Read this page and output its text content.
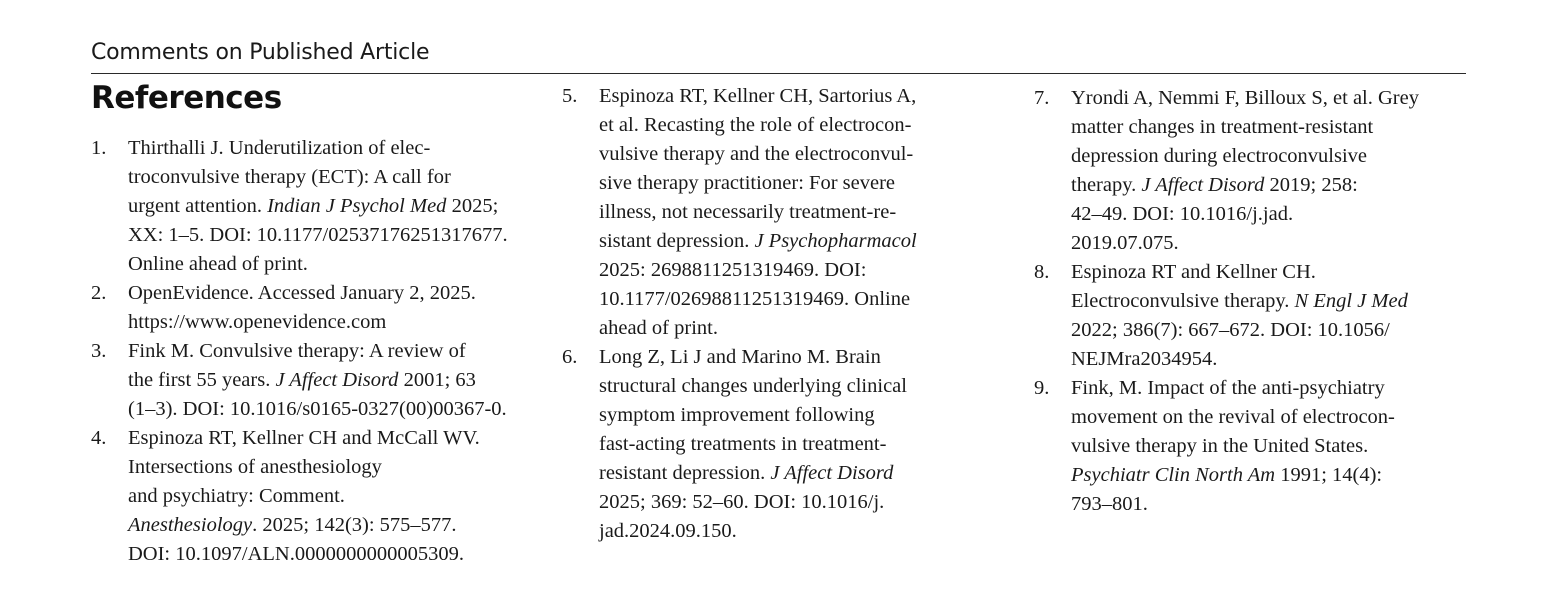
Comments on Published Article
References
1. Thirthalli J. Underutilization of elec-
troconvulsive therapy (ECT): A call for
urgent attention. Indian J Psychol Med 2025;
XX: 1–5. DOI: 10.1177/02537176251317677.
Online ahead of print.
2. OpenEvidence. Accessed January 2, 2025.
https://www.openevidence.com
3. Fink M. Convulsive therapy: A review of
the first 55 years. J Affect Disord 2001; 63
(1–3). DOI: 10.1016/s0165-0327(00)00367-0.
4. Espinoza RT, Kellner CH and McCall WV.
Intersections of anesthesiology
and psychiatry: Comment.
Anesthesiology. 2025; 142(3): 575–577.
DOI: 10.1097/ALN.0000000000005309.
5. Espinoza RT, Kellner CH, Sartorius A,
et al. Recasting the role of electrocon-
vulsive therapy and the electroconvul-
sive therapy practitioner: For severe
illness, not necessarily treatment-re-
sistant depression. J Psychopharmacol
2025: 2698811251319469. DOI:
10.1177/02698811251319469. Online
ahead of print.
6. Long Z, Li J and Marino M. Brain
structural changes underlying clinical
symptom improvement following
fast-acting treatments in treatment-
resistant depression. J Affect Disord
2025; 369: 52–60. DOI: 10.1016/j.
jad.2024.09.150.
7. Yrondi A, Nemmi F, Billoux S, et al. Grey
matter changes in treatment-resistant
depression during electroconvulsive
therapy. J Affect Disord 2019; 258:
42–49. DOI: 10.1016/j.jad.
2019.07.075.
8. Espinoza RT and Kellner CH.
Electroconvulsive therapy. N Engl J Med
2022; 386(7): 667–672. DOI: 10.1056/
NEJMra2034954.
9. Fink, M. Impact of the anti-psychiatry
movement on the revival of electrocon-
vulsive therapy in the United States.
Psychiatr Clin North Am 1991; 14(4):
793–801.
